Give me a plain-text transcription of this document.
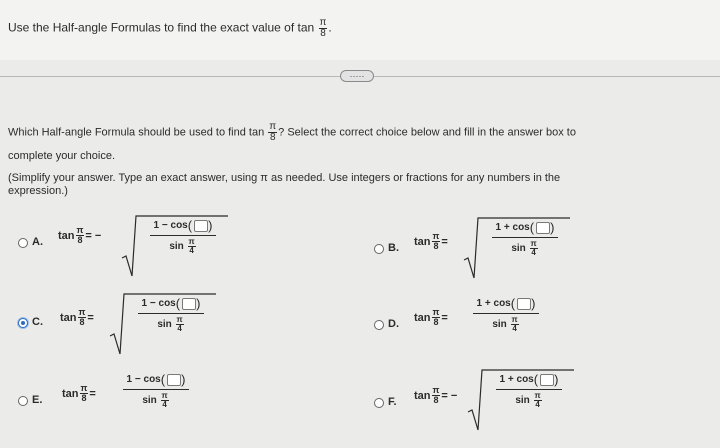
Use the Half-angle Formulas to find the exact value of $\tan \frac{\pi}{8}$ .
·····
Which Half-angle Formula should be used to find $\tan \frac{\pi}{8}$ ? Select the correct choice below and fill in the answer box to
complete your choice.
(Simplify your answer. Type an exact answer, using π as needed. Use integers or fractions for any numbers in the
expression.)
A.
$\tan \frac{\pi}{8}$ = −	1 − cos ( )
sin
$\frac{\pi}{4}$	B.
$\tan \frac{\pi}{8}$ =	1 + cos ( )
sin
$\frac{\pi}{4}$
C. $\tan \frac{\pi}{8}$ =	1 − cos ( )
sin
$\frac{\pi}{4}$	D.
$\tan \frac{\pi}{8} = 1 + \cos$ ( )
sin
$\frac{\pi}{4}$
E.
$\tan \frac{\pi}{8} = 1 - \cos$ ( )
sin
$\frac{\pi}{4}$	F.
$\tan \frac{\pi}{8}$ = −	1 + cos ( )
sin
$\frac{\pi}{4}$
